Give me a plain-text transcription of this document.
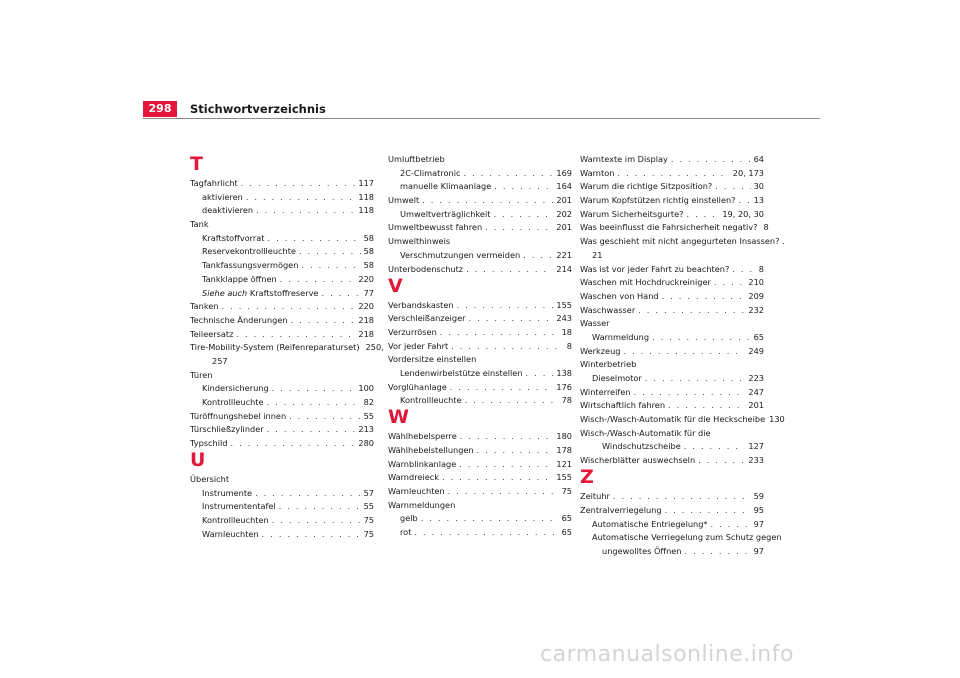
298	Stichwortverzeichnis
T
Tagfahrlicht . . .	117
aktivieren . . .	118
deaktivieren . . .	118
Tank
Kraftstoffvorrat . . .	58
Reservekontrollleuchte . . .	58
Tankfassungsvermögen . . .	58
Tankklappe öffnen . . .	220
Siehe auch Kraftstoffreserve . . .	77
Tanken . . .	220
Technische Änderungen . . .	218
Teileersatz . . .	218
Tire-Mobility-System (Reifenreparaturset) 250,
257
Türen
Kindersicherung . . .	100
Kontrollleuchte . . .	82
Türöffnungshebel innen . . .	55
Türschließzylinder . . .	213
Typschild . . .	280
U
Übersicht
Instrumente . . .	57
Instrumententafel . . .	55
Kontrollleuchten . . .	75
Warnleuchten . . .	75
Umluftbetrieb
2C-Climatronic . . .	169
manuelle Klimaanlage . . .	164
Umwelt . . .	201
Umweltverträglichkeit . . .	202
Umweltbewusst fahren . . .	201
Umwelthinweis
Verschmutzungen vermeiden . . .	221
Unterbodenschutz . . .	214
V
Verbandskasten . . .	155
Verschleißanzeiger . . .	243
Verzurrösen . . .	18
Vor jeder Fahrt . . .	8
Vordersitze einstellen
Lendenwirbelstütze einstellen . . .	138
Vorglühanlage . . .	176
Kontrollleuchte . . .	78
W
Wählhebelsperre . . .	180
Wählhebelstellungen . . .	178
Warnblinkanlage . . .	121
Warndreieck . . .	155
Warnleuchten . . .	75
Warnmeldungen
gelb . . .	65
rot . . .	65
Warntexte im Display . . .	64
Warnton . . .	20, 173
Warum die richtige Sitzposition? . . .	30
Warum Kopfstützen richtig einstellen? . . . 13
Warum Sicherheitsgurte? . . .	19, 20, 30
Was beeinflusst die Fahrsicherheit negativ? 8
Was geschieht mit nicht angegurteten Insassen? .
21
Was ist vor jeder Fahrt zu beachten? . . .	8
Waschen mit Hochdruckreiniger . . .	210
Waschen von Hand . . .	209
Waschwasser . . .	232
Wasser
Warnmeldung . . .	65
Werkzeug . . .	249
Winterbetrieb
Dieselmotor . . .	223
Winterreifen . . .	247
Wirtschaftlich fahren . . .	201
Wisch-/Wasch-Automatik für die Heckscheibe 130
Wisch-/Wasch-Automatik für die
Windschutzscheibe . . .	127
Wischerblätter auswechseln . . .	233
Z
Zeituhr . . .	59
Zentralverriegelung . . .	95
Automatische Entriegelung* . . .	97
Automatische Verriegelung zum Schutz gegen
ungewolltes Öffnen . . .	97
carmanualsonline.info
